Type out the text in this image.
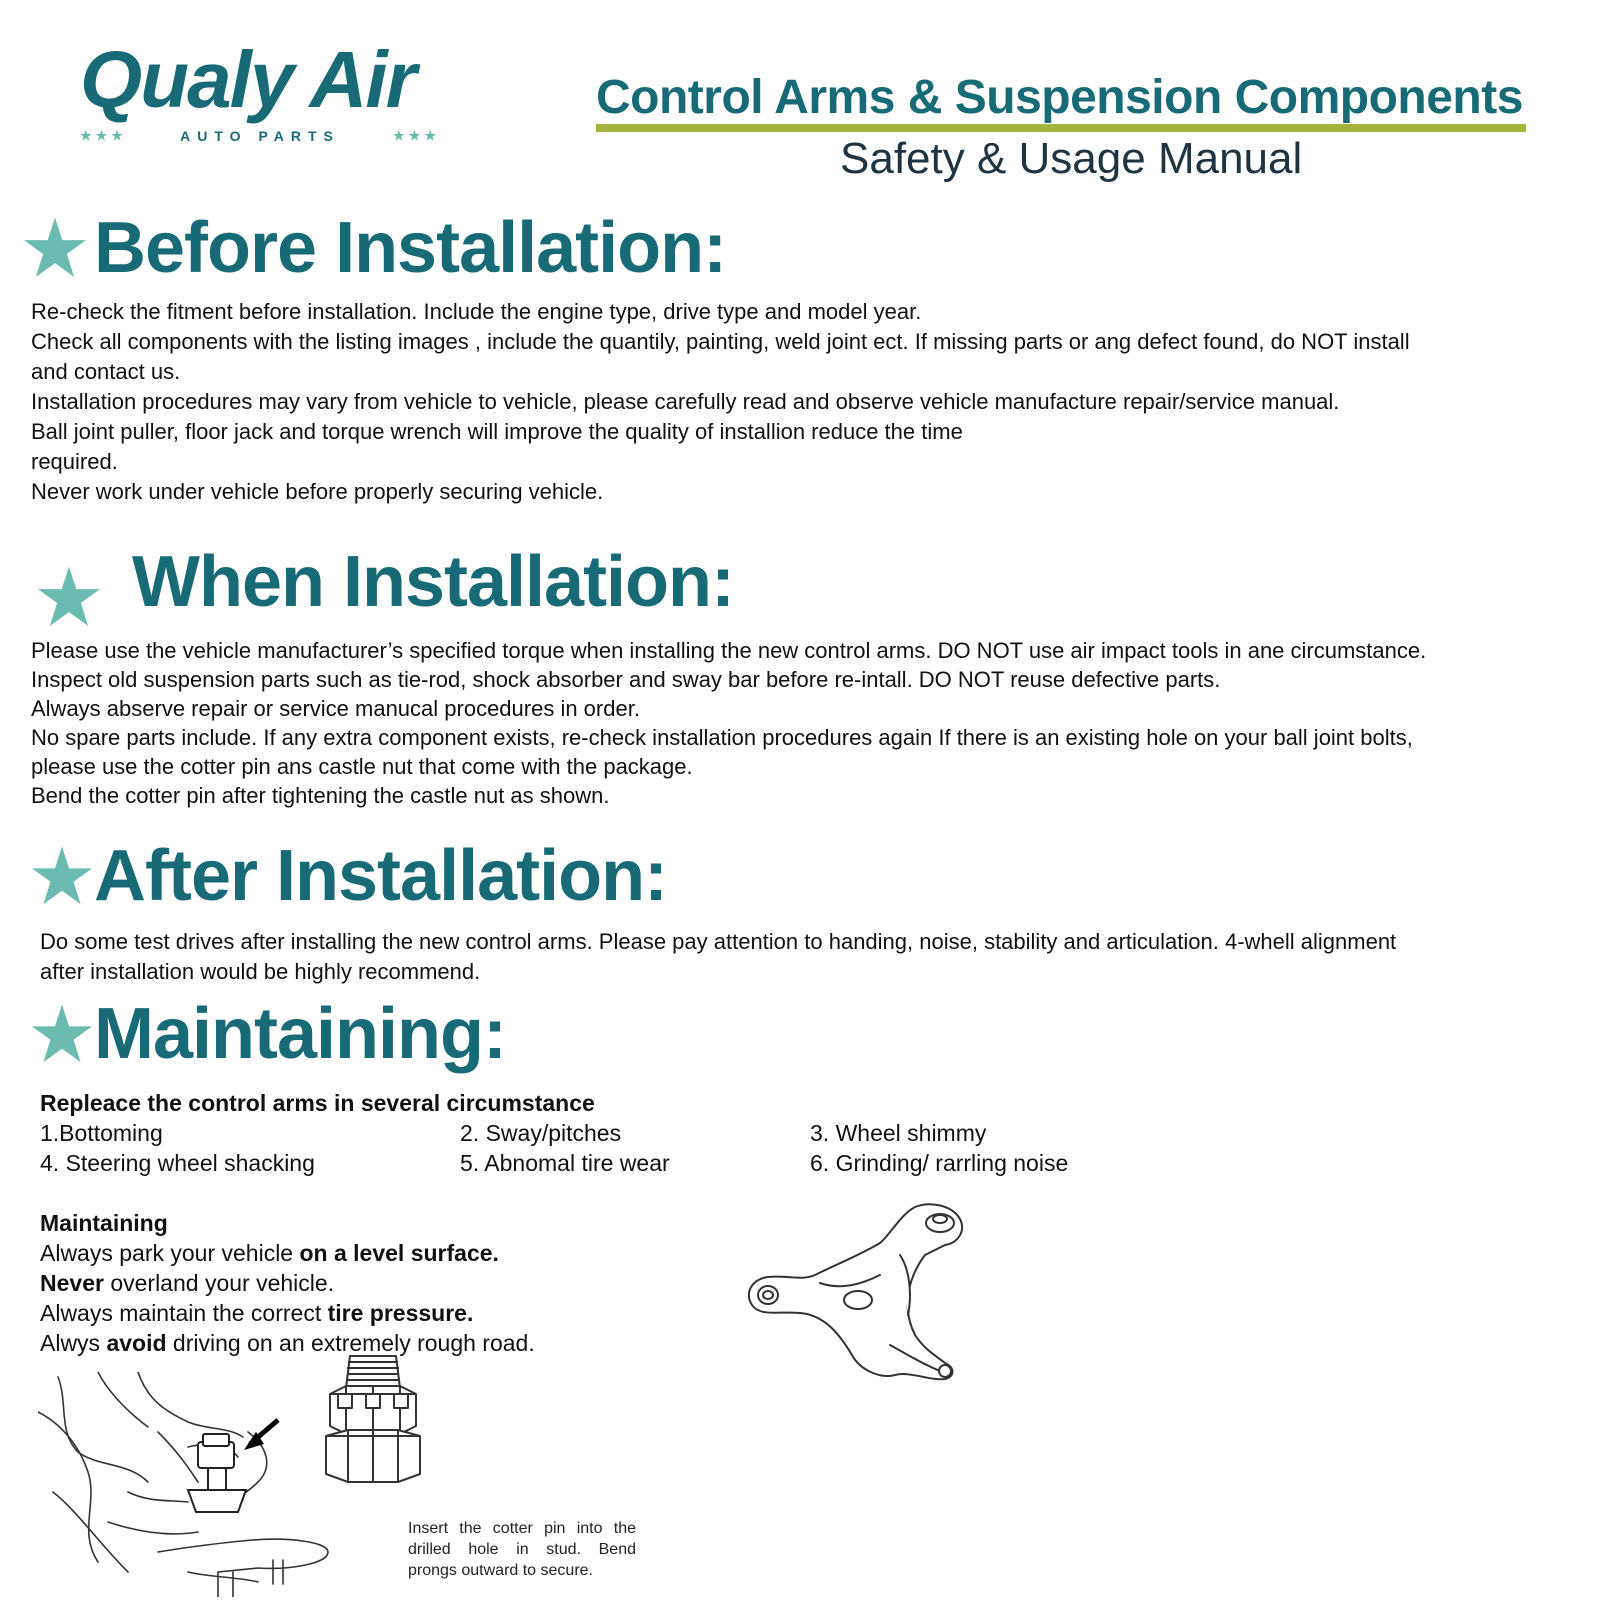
Qualy Air
★★★	AUTO PARTS	★★★
Control Arms & Suspension Components
Safety & Usage Manual
Before Installation:

Re-check the fitment before installation. Include the engine type, drive type and model year.

Check all components with the listing images , include the quantily, painting, weld joint ect. If missing parts or ang defect found, do NOT install

and contact us.

Installation procedures may vary from vehicle to vehicle, please carefully read and observe vehicle manufacture repair/service manual.

Ball joint puller, floor jack and torque wrench will improve the quality of installion reduce the time

required.

Never work under vehicle before properly securing vehicle.

When Installation:

Please use the vehicle manufacturer’s specified torque when installing the new control arms. DO NOT use air impact tools in ane circumstance.

Inspect old suspension parts such as tie-rod, shock absorber and sway bar before re-intall. DO NOT reuse defective parts.

Always abserve repair or service manucal procedures in order.

No spare parts include. If any extra component exists, re-check installation procedures again If there is an existing hole on your ball joint bolts,

please use the cotter pin ans castle nut that come with the package.

Bend the cotter pin after tightening the castle nut as shown.

After Installation:

Do some test drives after installing the new control arms. Please pay attention to handing, noise, stability and articulation. 4-whell alignment

after installation would be highly recommend.

Maintaining:
Repleace the control arms in several circumstance
1.Bottoming	2. Sway/pitches	3. Wheel shimmy
4. Steering wheel shacking	5. Abnomal tire wear	6. Grinding/ rarrling noise
Maintaining
Always park your vehicle on a level surface.
Never overland your vehicle.
Always maintain the correct tire pressure.
Alwys avoid driving on an extremely rough road.
Insert the cotter pin into the drilled hole in stud. Bend prongs outward to secure.
